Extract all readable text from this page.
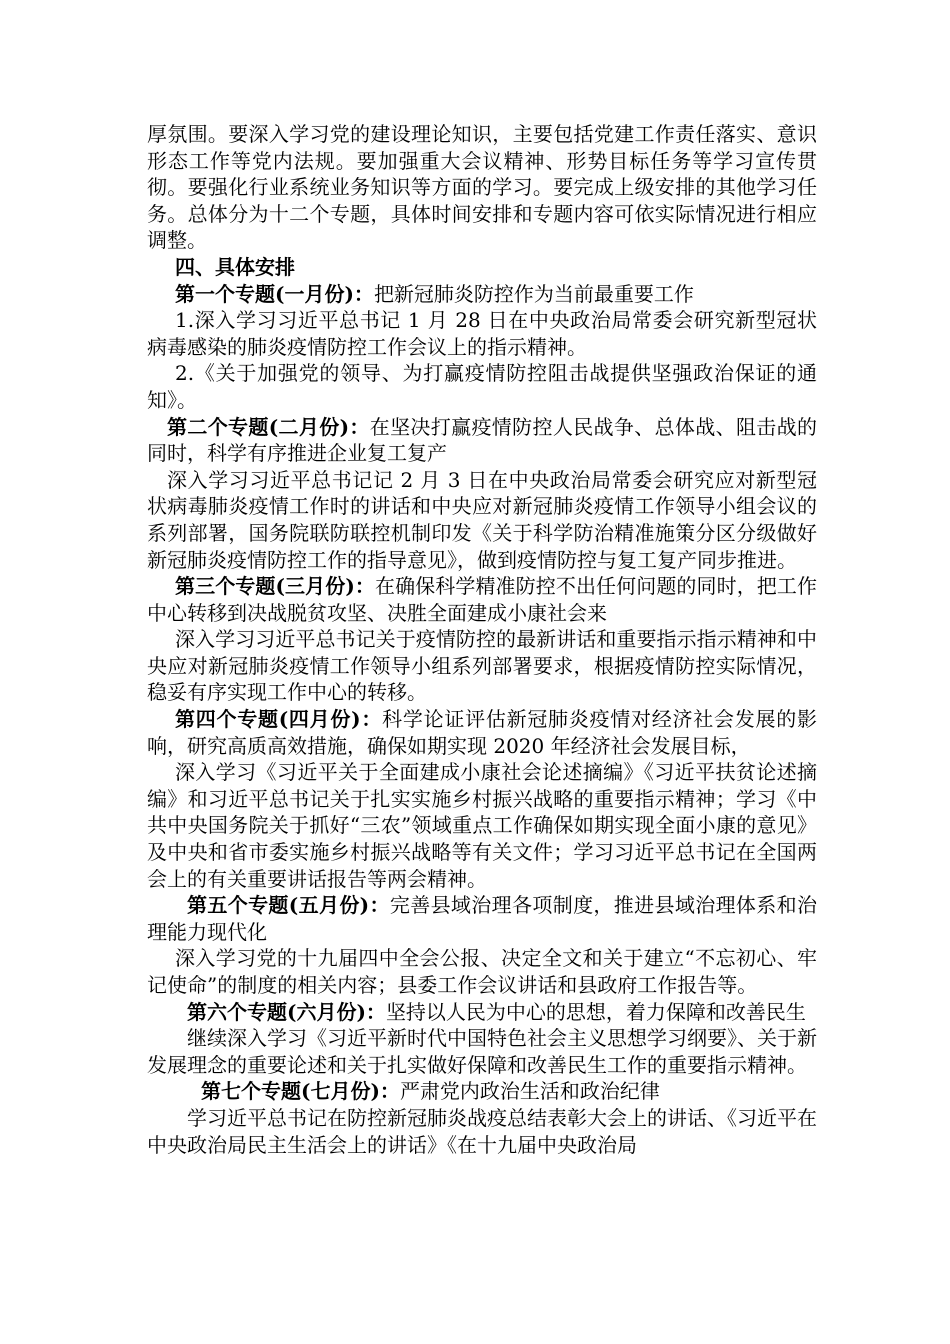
厚氛围。要深入学习党的建设理论知识，主要包括党建工作责任落实、意识形态工作等党内法规。要加强重大会议精神、形势目标任务等学习宣传贯彻。要强化行业系统业务知识等方面的学习。要完成上级安排的其他学习任务。总体分为十二个专题，具体时间安排和专题内容可依实际情况进行相应调整。

四、具体安排

第一个专题(一月份)：把新冠肺炎防控作为当前最重要工作

1.深入学习习近平总书记 1 月 28 日在中央政治局常委会研究新型冠状病毒感染的肺炎疫情防控工作会议上的指示精神。

2.《关于加强党的领导、为打赢疫情防控阻击战提供坚强政治保证的通知》。

第二个专题(二月份)：在坚决打赢疫情防控人民战争、总体战、阻击战的同时，科学有序推进企业复工复产

深入学习习近平总书记记 2 月 3 日在中央政治局常委会研究应对新型冠状病毒肺炎疫情工作时的讲话和中央应对新冠肺炎疫情工作领导小组会议的系列部署，国务院联防联控机制印发《关于科学防治精准施策分区分级做好新冠肺炎疫情防控工作的指导意见》，做到疫情防控与复工复产同步推进。

第三个专题(三月份)：在确保科学精准防控不出任何问题的同时，把工作中心转移到决战脱贫攻坚、决胜全面建成小康社会来

深入学习习近平总书记关于疫情防控的最新讲话和重要指示指示精神和中央应对新冠肺炎疫情工作领导小组系列部署要求，根据疫情防控实际情况，稳妥有序实现工作中心的转移。

第四个专题(四月份)：科学论证评估新冠肺炎疫情对经济社会发展的影响，研究高质高效措施，确保如期实现 2020 年经济社会发展目标，

深入学习《习近平关于全面建成小康社会论述摘编》《习近平扶贫论述摘编》和习近平总书记关于扎实实施乡村振兴战略的重要指示精神；学习《中共中央国务院关于抓好“三农”领域重点工作确保如期实现全面小康的意见》及中央和省市委实施乡村振兴战略等有关文件；学习习近平总书记在全国两会上的有关重要讲话报告等两会精神。

第五个专题(五月份)：完善县域治理各项制度，推进县域治理体系和治理能力现代化

深入学习党的十九届四中全会公报、决定全文和关于建立“不忘初心、牢记使命”的制度的相关内容；县委工作会议讲话和县政府工作报告等。

第六个专题(六月份)：坚持以人民为中心的思想，着力保障和改善民生

继续深入学习《习近平新时代中国特色社会主义思想学习纲要》、关于新发展理念的重要论述和关于扎实做好保障和改善民生工作的重要指示精神。

第七个专题(七月份)：严肃党内政治生活和政治纪律

学习近平总书记在防控新冠肺炎战疫总结表彰大会上的讲话、《习近平在中央政治局民主生活会上的讲话》《在十九届中央政治局
